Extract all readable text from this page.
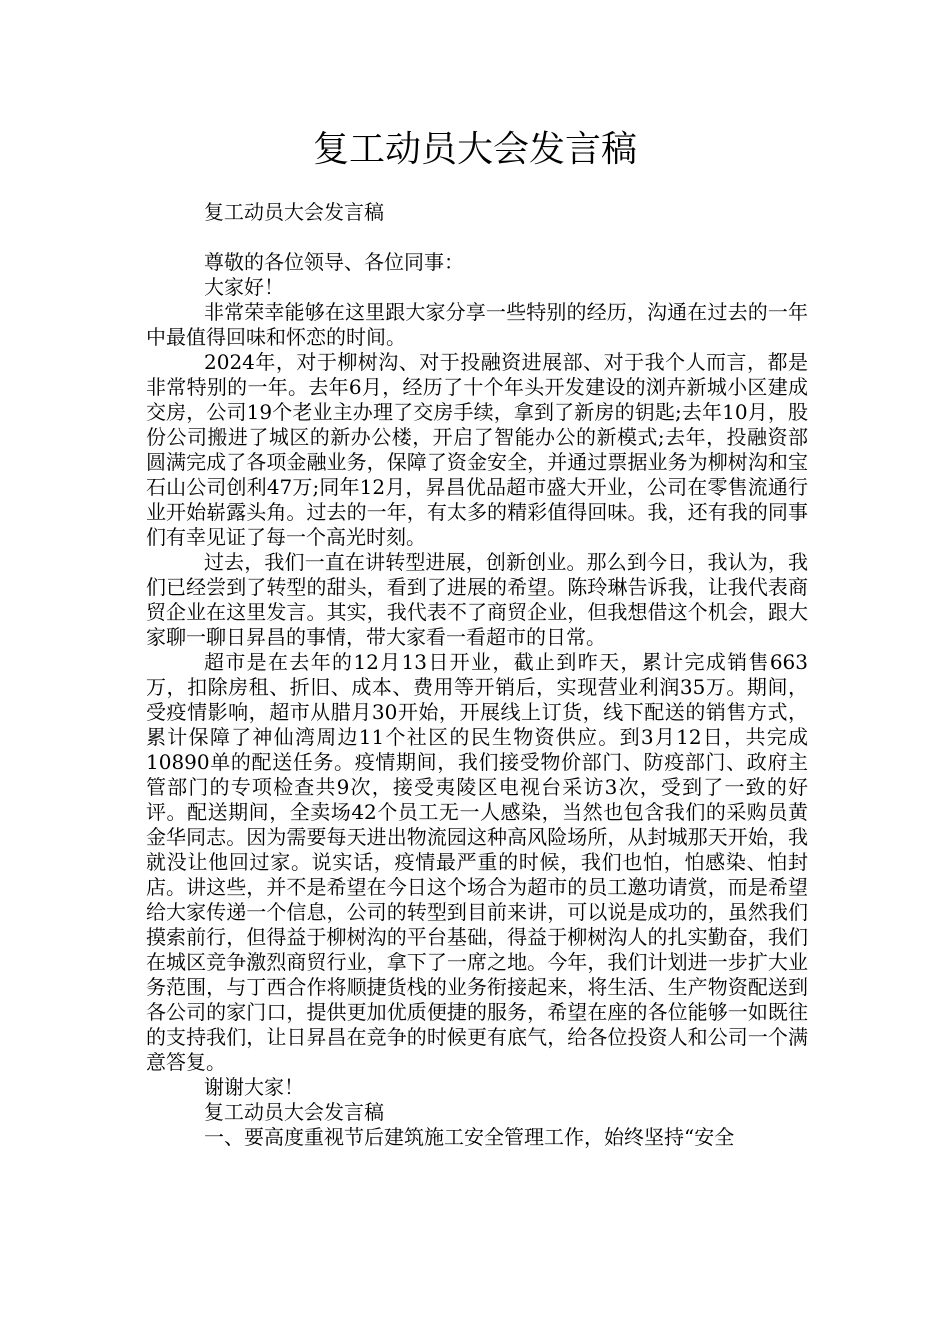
复工动员大会发言稿

复工动员大会发言稿

尊敬的各位领导、各位同事：

大家好！

非常荣幸能够在这里跟大家分享一些特别的经历，沟通在过去的一年中最值得回味和怀恋的时间。

2024年，对于柳树沟、对于投融资进展部、对于我个人而言，都是非常特别的一年。去年6月，经历了十个年头开发建设的浏卉新城小区建成交房，公司19个老业主办理了交房手续，拿到了新房的钥匙;去年10月，股份公司搬进了城区的新办公楼，开启了智能办公的新模式;去年，投融资部圆满完成了各项金融业务，保障了资金安全，并通过票据业务为柳树沟和宝石山公司创利47万;同年12月，昇昌优品超市盛大开业，公司在零售流通行业开始崭露头角。过去的一年，有太多的精彩值得回味。我，还有我的同事们有幸见证了每一个高光时刻。

过去，我们一直在讲转型进展，创新创业。那么到今日，我认为，我们已经尝到了转型的甜头，看到了进展的希望。陈玲琳告诉我，让我代表商贸企业在这里发言。其实，我代表不了商贸企业，但我想借这个机会，跟大家聊一聊日昇昌的事情，带大家看一看超市的日常。

超市是在去年的12月13日开业，截止到昨天，累计完成销售663万，扣除房租、折旧、成本、费用等开销后，实现营业利润35万。期间，受疫情影响，超市从腊月30开始，开展线上订货，线下配送的销售方式，累计保障了神仙湾周边11个社区的民生物资供应。到3月12日，共完成10890单的配送任务。疫情期间，我们接受物价部门、防疫部门、政府主管部门的专项检查共9次，接受夷陵区电视台采访3次，受到了一致的好评。配送期间，全卖场42个员工无一人感染，当然也包含我们的采购员黄金华同志。因为需要每天进出物流园这种高风险场所，从封城那天开始，我就没让他回过家。说实话，疫情最严重的时候，我们也怕，怕感染、怕封店。讲这些，并不是希望在今日这个场合为超市的员工邀功请赏，而是希望给大家传递一个信息，公司的转型到目前来讲，可以说是成功的，虽然我们摸索前行，但得益于柳树沟的平台基础，得益于柳树沟人的扎实勤奋，我们在城区竞争激烈商贸行业，拿下了一席之地。今年，我们计划进一步扩大业务范围，与丁西合作将顺捷货栈的业务衔接起来，将生活、生产物资配送到各公司的家门口，提供更加优质便捷的服务，希望在座的各位能够一如既往的支持我们，让日昇昌在竞争的时候更有底气，给各位投资人和公司一个满意答复。

谢谢大家！

复工动员大会发言稿

一、要高度重视节后建筑施工安全管理工作，始终坚持“安全
